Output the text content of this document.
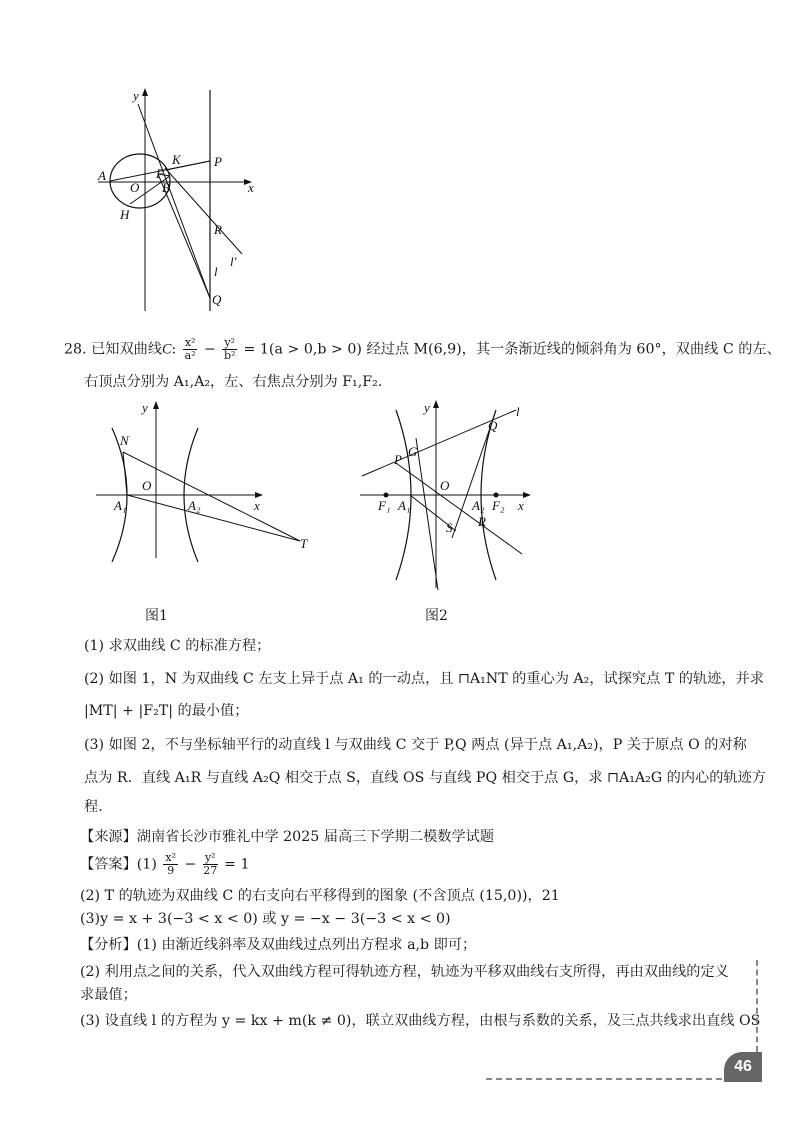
y
x
A
O
F
B
K	P
H
R
l
l′
Q
28. 已知双曲线C: $\frac{\text{x²}}{\text{a²}} - \frac{\text{y²}}{\text{b²}} = 1(a > 0,b > 0)$ 经过点 M(6,9)，其一条渐近线的倾斜角为 60°，双曲线 C 的左、
右顶点分别为 A₁,A₂，左、右焦点分别为 F₁,F₂.
y
N
O
A₁	A₂	x
T
图1
y	l
Q
G
P
O
F₁ A₁	A₂ F₂ x
S R
图2
(1) 求双曲线 C 的标准方程；
(2) 如图 1，N 为双曲线 C 左支上异于点 A₁ 的一动点，且 ⊓A₁NT 的重心为 A₂，试探究点 T 的轨迹，并求
|MT| + |F₂T| 的最小值；
(3) 如图 2，不与坐标轴平行的动直线 l 与双曲线 C 交于 P,Q 两点 (异于点 A₁,A₂)，P 关于原点 O 的对称
点为 R．直线 A₁R 与直线 A₂Q 相交于点 S，直线 OS 与直线 PQ 相交于点 G，求 ⊓A₁A₂G 的内心的轨迹方
程.
【来源】湖南省长沙市雅礼中学 2025 届高三下学期二模数学试题
【答案】$(1) \frac{\text{x²}}{9} - \frac{\text{y²}}{27} = 1$
(2) T 的轨迹为双曲线 C 的右支向右平移得到的图象 (不含顶点 (15,0))，21
(3)y = x + 3(−3 < x < 0) 或 y = −x − 3(−3 < x < 0)
【分析】(1) 由渐近线斜率及双曲线过点列出方程求 a,b 即可；
(2) 利用点之间的关系，代入双曲线方程可得轨迹方程，轨迹为平移双曲线右支所得，再由双曲线的定义
求最值；
(3) 设直线 l 的方程为 y = kx + m(k ≠ 0)，联立双曲线方程，由根与系数的关系，及三点共线求出直线 OS
46
